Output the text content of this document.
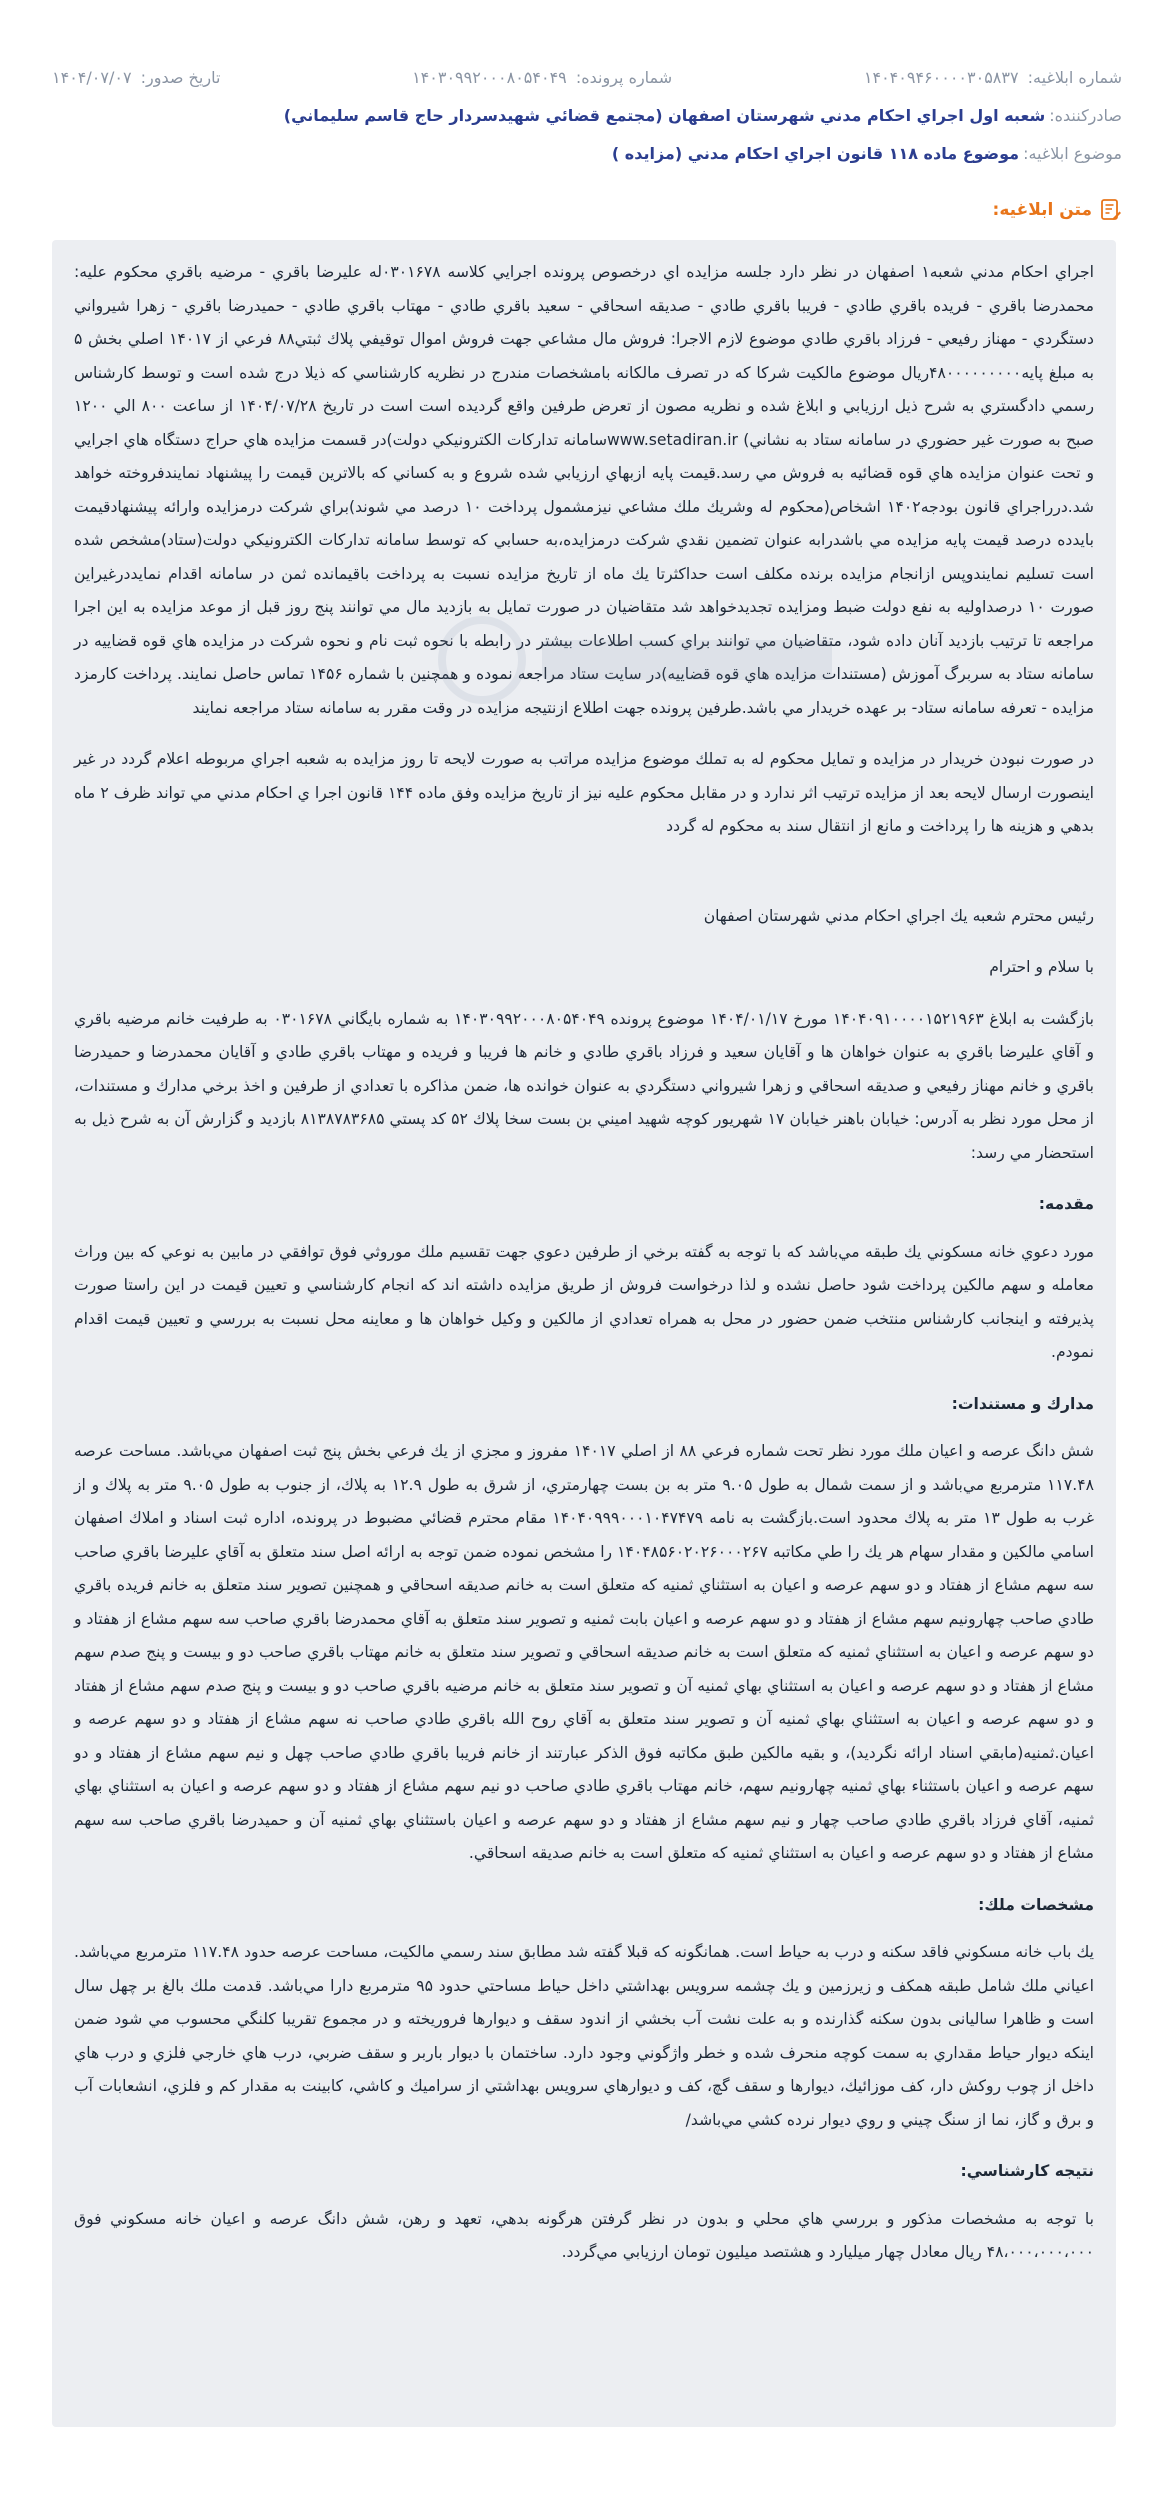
شماره ابلاغیه: ۱۴۰۴۰۹۴۶۰۰۰۰۳۰۵۸۳۷
شماره پرونده: ۱۴۰۳۰۹۹۲۰۰۰۸۰۵۴۰۴۹
تاریخ صدور: ۱۴۰۴/۰۷/۰۷
صادرکننده:
شعبه اول اجراي احكام مدني شهرستان اصفهان (مجتمع قضائي شهيدسردار حاج قاسم سليماني)
موضوع ابلاغیه:
موضوع ماده ۱۱۸ قانون اجراي احكام مدني (مزايده )
متن ابلاغیه:

اجراي احكام مدني شعبه۱ اصفهان در نظر دارد جلسه مزايده اي درخصوص پرونده اجرايي كلاسه ۰۳۰۱۶۷۸له عليرضا باقري - مرضيه باقري محكوم عليه: محمدرضا باقري - فريده باقري طادي - فريبا باقري طادي - صديقه اسحاقي - سعيد باقري طادي - مهتاب باقري طادي - حميدرضا باقري - زهرا شيرواني دستگردي - مهناز رفيعي - فرزاد باقري طادي موضوع لازم الاجرا: فروش مال مشاعي جهت فروش اموال توقيفي پلاك ثبتي۸۸ فرعي از ۱۴۰۱۷ اصلي بخش ۵ به مبلغ پايه۴۸۰۰۰۰۰۰۰۰۰ريال موضوع مالكيت شركا كه در تصرف مالكانه بامشخصات مندرج در نظريه كارشناسي كه ذيلا درج شده است و توسط كارشناس رسمي دادگستري به شرح ذيل ارزيابي و ابلاغ شده و نظريه مصون از تعرض طرفين واقع گرديده است است در تاريخ ۱۴۰۴/۰۷/۲۸ از ساعت ۸۰۰ الي ۱۲۰۰ صبح به صورت غير حضوري در سامانه ستاد به نشاني) www.setadiran.irسامانه تداركات الكترونيكي دولت)در قسمت مزايده هاي حراج دستگاه هاي اجرايي و تحت عنوان مزايده هاي قوه قضائيه به فروش مي رسد.قيمت پايه ازبهاي ارزيابي شده شروع و به كساني كه بالاترين قيمت را پيشنهاد نمايندفروخته خواهد شد.درراجراي قانون بودجه۱۴۰۲ اشخاص(محكوم له وشريك ملك مشاعي نيزمشمول پرداخت ۱۰ درصد مي شوند)براي شركت درمزايده وارائه پيشنهادقيمت بايدده درصد قيمت پايه مزايده مي باشدرابه عنوان تضمين نقدي شركت درمزايده،به حسابي كه توسط سامانه تداركات الكترونيكي دولت(ستاد)مشخص شده است تسليم نمايندوپس ازانجام مزايده برنده مكلف است حداكثرتا يك ماه از تاريخ مزايده نسبت به پرداخت باقيمانده ثمن در سامانه اقدام نمايددرغيراين صورت ۱۰ درصداوليه به نفع دولت ضبط ومزايده تجديدخواهد شد متقاضيان در صورت تمايل به بازديد مال مي توانند پنج روز قبل از موعد مزايده به اين اجرا مراجعه تا ترتيب بازديد آنان داده شود، متقاضيان مي توانند براي كسب اطلاعات بيشتر در رابطه با نحوه ثبت نام و نحوه شركت در مزايده هاي قوه قضاييه در سامانه ستاد به سربرگ آموزش (مستندات مزايده هاي قوه قضاييه)در سايت ستاد مراجعه نموده و همچنين با شماره ۱۴۵۶ تماس حاصل نمايند. پرداخت كارمزد مزايده - تعرفه سامانه ستاد- بر عهده خريدار مي باشد.طرفين پرونده جهت اطلاع ازنتيجه مزايده در وقت مقرر به سامانه ستاد مراجعه نمايند

در صورت نبودن خريدار در مزايده و تمايل محكوم له به تملك موضوع مزايده مراتب به صورت لايحه تا روز مزايده به شعبه اجراي مربوطه اعلام گردد در غير اينصورت ارسال لايحه بعد از مزايده ترتيب اثر ندارد و در مقابل محكوم عليه نيز از تاريخ مزايده وفق ماده ۱۴۴ قانون اجرا ي احكام مدني مي تواند ظرف ۲ ماه بدهي و هزينه ها را پرداخت و مانع از انتقال سند به محكوم له گردد

رئيس محترم شعبه يك اجراي احكام مدني شهرستان اصفهان

با سلام و احترام

بازگشت به ابلاغ ۱۴۰۴۰۹۱۰۰۰۰۱۵۲۱۹۶۳ مورخ ۱۴۰۴/۰۱/۱۷ موضوع پرونده ۱۴۰۳۰۹۹۲۰۰۰۸۰۵۴۰۴۹ به شماره بايگاني ۰۳۰۱۶۷۸ به طرفيت خانم مرضيه باقري و آقاي عليرضا باقري به عنوان خواهان ها و آقايان سعيد و فرزاد باقري طادي و خانم ها فريبا و فريده و مهتاب باقري طادي و آقايان محمدرضا و حميدرضا باقري و خانم مهناز رفيعي و صديقه اسحاقي و زهرا شيرواني دستگردي به عنوان خوانده ها، ضمن مذاكره با تعدادي از طرفين و اخذ برخي مدارك و مستندات، از محل مورد نظر به آدرس: خيابان باهنر خيابان ۱۷ شهريور كوچه شهيد اميني بن بست سخا پلاك ۵۲ كد پستي ۸۱۳۸۷۸۳۶۸۵ بازديد و گزارش آن به شرح ذيل به استحضار مي رسد:

مقدمه:

مورد دعوي خانه مسكوني يك طبقه مي‌باشد كه با توجه به گفته برخي از طرفين دعوي جهت تقسيم ملك موروثي فوق توافقي در مابين به نوعي كه بين وراث معامله و سهم مالكين پرداخت شود حاصل نشده و لذا درخواست فروش از طريق مزايده داشته اند كه انجام كارشناسي و تعيين قيمت در اين راستا صورت پذيرفته و اينجانب كارشناس منتخب ضمن حضور در محل به همراه تعدادي از مالكين و وكيل خواهان ها و معاينه محل نسبت به بررسي و تعيين قيمت اقدام نمودم.

مدارك و مستندات:

شش دانگ عرصه و اعيان ملك مورد نظر تحت شماره فرعي ۸۸ از اصلي ۱۴۰۱۷ مفروز و مجزي از يك فرعي بخش پنج ثبت اصفهان مي‌باشد. مساحت عرصه ۱۱۷.۴۸ مترمربع مي‌باشد و از سمت شمال به طول ۹.۰۵ متر به بن بست چهارمتري، از شرق به طول ۱۲.۹ به پلاك، از جنوب به طول ۹.۰۵ متر به پلاك و از غرب به طول ۱۳ متر به پلاك محدود است.بازگشت به نامه ۱۴۰۴۰۹۹۹۰۰۰۱۰۴۷۴۷۹ مقام محترم قضائي مضبوط در پرونده، اداره ثبت اسناد و املاك اصفهان اسامي مالكين و مقدار سهام هر يك را طي مكاتبه ۱۴۰۴۸۵۶۰۲۰۲۶۰۰۰۲۶۷ را مشخص نموده ضمن توجه به ارائه اصل سند متعلق به آقاي عليرضا باقري صاحب سه سهم مشاع از هفتاد و دو سهم عرصه و اعيان به استثناي ثمنيه كه متعلق است به خانم صديقه اسحاقي و همچنين تصوير سند متعلق به خانم فريده باقري طادي صاحب چهارونيم سهم مشاع از هفتاد و دو سهم عرصه و اعيان بابت ثمنيه و تصوير سند متعلق به آقاي محمدرضا باقري صاحب سه سهم مشاع از هفتاد و دو سهم عرصه و اعيان به استثناي ثمنيه كه متعلق است به خانم صديقه اسحاقي و تصوير سند متعلق به خانم مهتاب باقري صاحب دو و بيست و پنج صدم سهم مشاع از هفتاد و دو سهم عرصه و اعيان به استثناي بهاي ثمنيه آن و تصوير سند متعلق به خانم مرضيه باقري صاحب دو و بيست و پنج صدم سهم مشاع از هفتاد و دو سهم عرصه و اعيان به استثناي بهاي ثمنيه آن و تصوير سند متعلق به آقاي روح الله باقري طادي صاحب نه سهم مشاع از هفتاد و دو سهم عرصه و اعيان.ثمنيه(مابقي اسناد ارائه نگرديد)، و بقيه مالكين طبق مكاتبه فوق الذكر عبارتند از خانم فريبا باقري طادي صاحب چهل و نيم سهم مشاع از هفتاد و دو سهم عرصه و اعيان باستثناء بهاي ثمنيه چهارونيم سهم، خانم مهتاب باقري طادي صاحب دو نيم سهم مشاع از هفتاد و دو سهم عرصه و اعيان به استثناي بهاي ثمنيه، آقاي فرزاد باقري طادي صاحب چهار و نيم سهم مشاع از هفتاد و دو سهم عرصه و اعيان باستثناي بهاي ثمنيه آن و حميدرضا باقري صاحب سه سهم مشاع از هفتاد و دو سهم عرصه و اعيان به استثناي ثمنيه كه متعلق است به خانم صديقه اسحاقي.

مشخصات ملك:

يك باب خانه مسكوني فاقد سكنه و درب به حياط است. همانگونه كه قبلا گفته شد مطابق سند رسمي مالكيت، مساحت عرصه حدود ۱۱۷.۴۸ مترمربع مي‌باشد. اعياني ملك شامل طبقه همكف و زيرزمين و يك چشمه سرويس بهداشتي داخل حياط مساحتي حدود ۹۵ مترمربع دارا مي‌باشد. قدمت ملك بالغ بر چهل سال است و ظاهرا ساليانى بدون سكنه گذارنده و به علت نشت آب بخشي از اندود سقف و ديوارها فروريخته و در مجموع تقريبا كلنگي محسوب مي شود ضمن اينكه ديوار حياط مقداري به سمت كوچه منحرف شده و خطر واژگوني وجود دارد. ساختمان با ديوار باربر و سقف ضربي، درب هاي خارجي فلزي و درب هاي داخل از چوب روكش دار، كف موزائيك، ديوارها و سقف گچ، كف و ديوارهاي سرويس بهداشتي از سراميك و كاشي، كابينت به مقدار كم و فلزي، انشعابات آب و برق و گاز، نما از سنگ چيني و روي ديوار نرده كشي مي‌باشد/

نتيجه كارشناسي:

با توجه به مشخصات مذكور و بررسي هاي محلي و بدون در نظر گرفتن هرگونه بدهي، تعهد و رهن، شش دانگ عرصه و اعيان خانه مسكوني فوق ۴۸،۰۰۰،۰۰۰،۰۰۰ ريال معادل چهار ميليارد و هشتصد ميليون تومان ارزيابي مي‌گردد.
